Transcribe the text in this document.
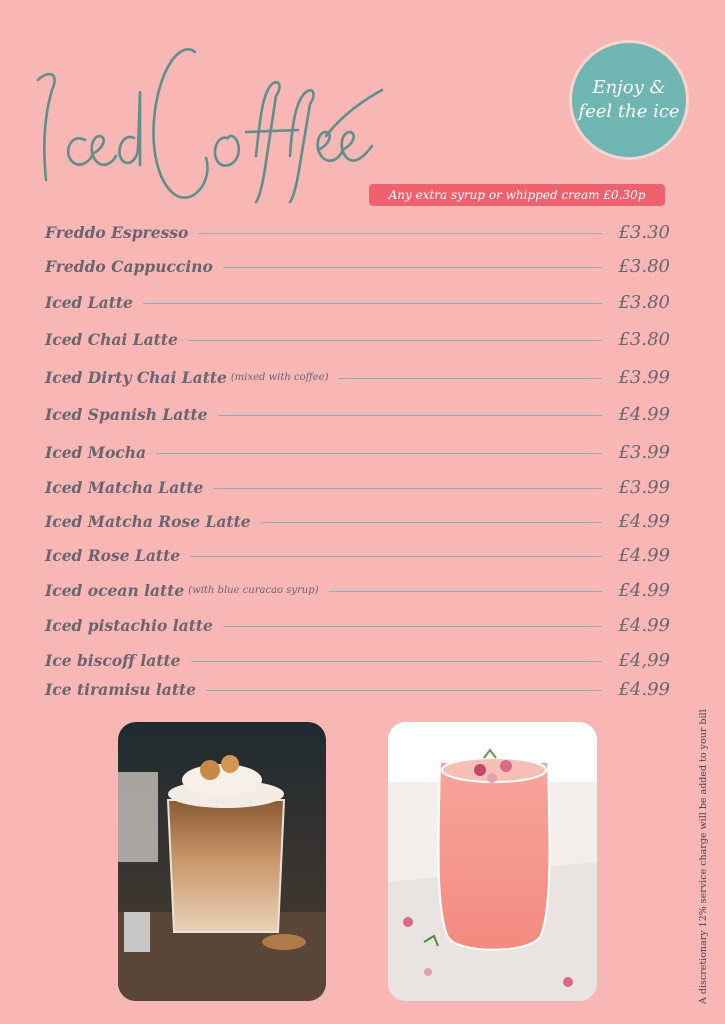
Enjoy &
feel the ice
Any extra syrup or whipped cream £0.30p
Freddo Espresso	£3.30
Freddo Cappuccino	£3.80
Iced Latte	£3.80
Iced Chai Latte	£3.80
Iced Dirty Chai Latte (mixed with coffee)	£3.99
Iced Spanish Latte	£4.99
Iced Mocha	£3.99
Iced Matcha Latte	£3.99
Iced Matcha Rose Latte	£4.99
Iced Rose Latte	£4.99
Iced ocean latte (with blue curacao syrup)	£4.99
Iced pistachio latte	£4.99
Ice biscoff latte	£4,99
Ice tiramisu latte	£4.99
A discretionary 12% service charge will be added to your bill
